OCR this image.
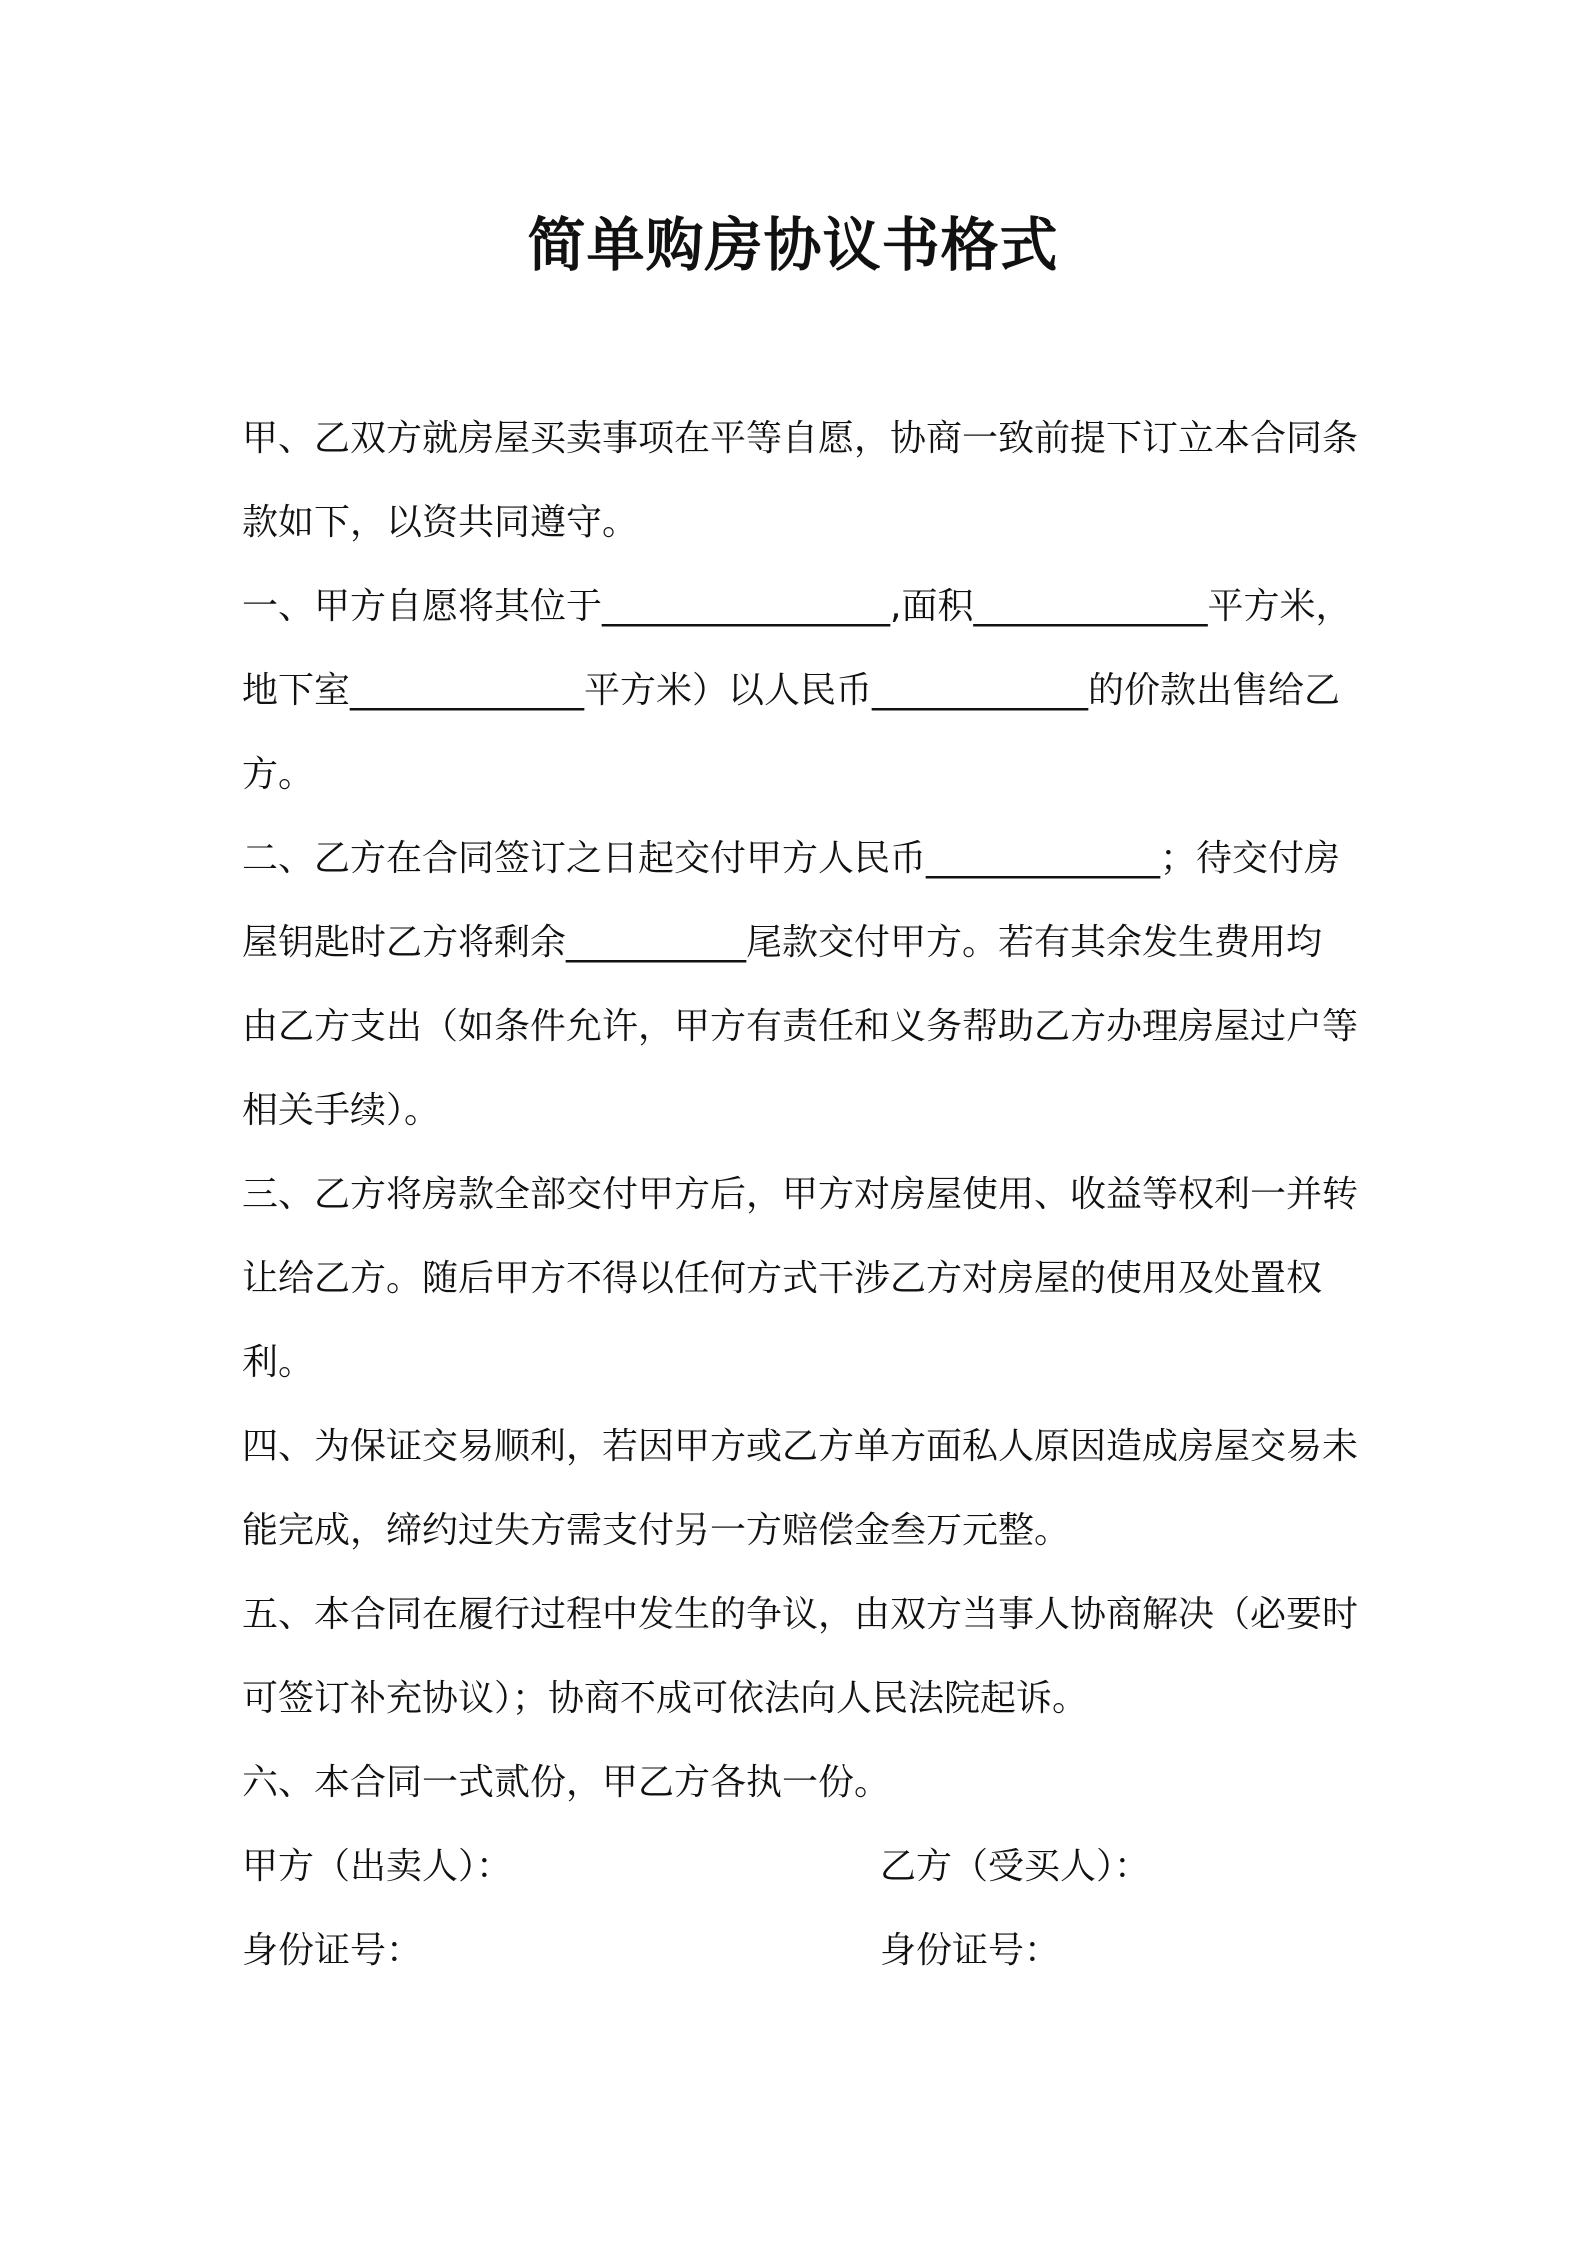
简单购房协议书格式

甲、乙双方就房屋买卖事项在平等自愿，协商一致前提下订立本合同条款如下，以资共同遵守。

一、甲方自愿将其位于________________,面积_____________平方米，地下室_____________平方米）以人民币____________的价款出售给乙方。

二、乙方在合同签订之日起交付甲方人民币_____________；待交付房屋钥匙时乙方将剩余__________尾款交付甲方。若有其余发生费用均由乙方支出（如条件允许，甲方有责任和义务帮助乙方办理房屋过户等相关手续）。

三、乙方将房款全部交付甲方后，甲方对房屋使用、收益等权利一并转让给乙方。随后甲方不得以任何方式干涉乙方对房屋的使用及处置权利。

四、为保证交易顺利，若因甲方或乙方单方面私人原因造成房屋交易未能完成，缔约过失方需支付另一方赔偿金叁万元整。

五、本合同在履行过程中发生的争议，由双方当事人协商解决（必要时可签订补充协议）；协商不成可依法向人民法院起诉。

六、本合同一式贰份，甲乙方各执一份。

甲方（出卖人）：	乙方（受买人）：
身份证号：	身份证号：
